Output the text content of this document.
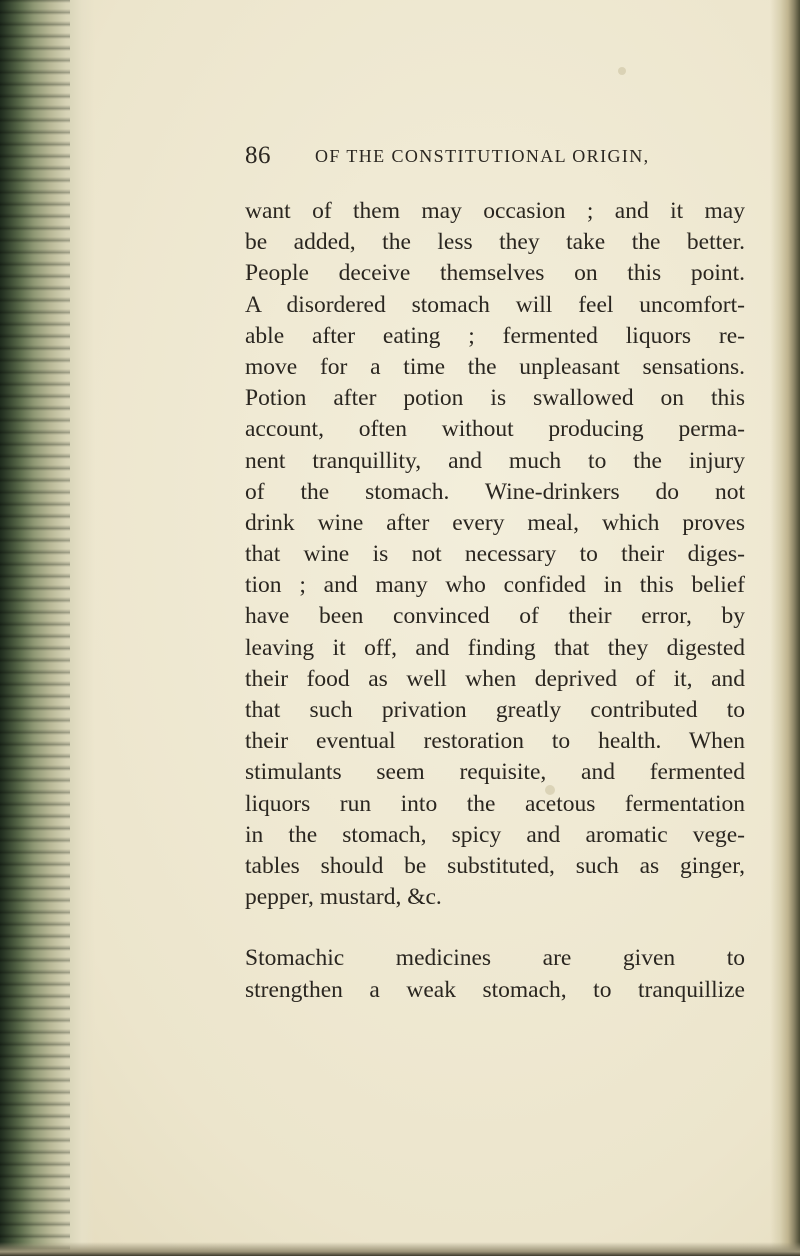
86 OF THE CONSTITUTIONAL ORIGIN,
want of them may occasion ; and it may
be added, the less they take the better.
People deceive themselves on this point.
A disordered stomach will feel uncomfort-
able after eating ; fermented liquors re-
move for a time the unpleasant sensations.
Potion after potion is swallowed on this
account, often without producing perma-
nent tranquillity, and much to the injury
of the stomach. Wine-drinkers do not
drink wine after every meal, which proves
that wine is not necessary to their diges-
tion ; and many who confided in this belief
have been convinced of their error, by
leaving it off, and finding that they digested
their food as well when deprived of it, and
that such privation greatly contributed to
their eventual restoration to health. When
stimulants seem requisite, and fermented
liquors run into the acetous fermentation
in the stomach, spicy and aromatic vege-
tables should be substituted, such as ginger,
pepper, mustard, &c.
Stomachic medicines are given to
strengthen a weak stomach, to tranquillize
